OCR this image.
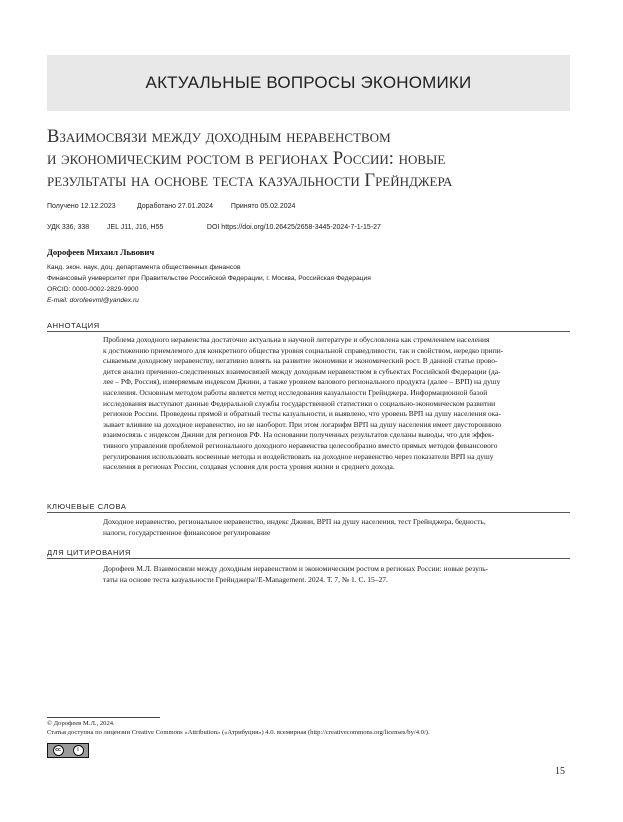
АКТУАЛЬНЫЕ ВОПРОСЫ ЭКОНОМИКИ
Взаимосвязи между доходным неравенством
и экономическим ростом в регионах России: новые
результаты на основе теста казуальности Грейнджера
Получено 12.12.2023	Доработано 27.01.2024	Принято 05.02.2024
УДК 336, 338	JEL J11, J16, H55	DOI https://doi.org/10.26425/2658-3445-2024-7-1-15-27
Дорофеев Михаил Львович
Канд. экон. наук, доц. департамента общественных финансов
Финансовый университет при Правительстве Российской Федерации, г. Москва, Российская Федерация
ORCID: 0000-0002-2829-9900
E-mail: dorofeevml@yandex.ru
АННОТАЦИЯ
Проблема доходного неравенства достаточно актуальна в научной литературе и обусловлена как стремлением населения
к достижению приемлемого для конкретного общества уровня социальной справедливости, так и свойством, нередко припи-
сываемым доходному неравенству, негативно влиять на развитие экономики и экономический рост. В данной статье прово-
дится анализ причинно-следственных взаимосвязей между доходным неравенством в субъектах Российской Федерации (да-
лее – РФ, Россия), измеряемым индексом Джини, а также уровнем валового регионального продукта (далее – ВРП) на душу
населения. Основным методом работы является метод исследования казуальности Грейнджера. Информационной базой
исследования выступают данные Федеральной службы государственной статистики о социально-экономическом развитии
регионов России. Проведены прямой и обратный тесты казуальности, и выявлено, что уровень ВРП на душу населения ока-
зывает влияние на доходное неравенство, но не наоборот. При этом логарифм ВРП на душу населения имеет двустороннюю
взаимосвязь с индексом Джини для регионов РФ. На основании полученных результатов сделаны выводы, что для эффек-
тивного управления проблемой регионального доходного неравенства целесообразно вместо прямых методов финансового
регулирования использовать косвенные методы и воздействовать на доходное неравенство через показатели ВРП на душу
населения в регионах России, создавая условия для роста уровня жизни и среднего дохода.
КЛЮЧЕВЫЕ СЛОВА
Доходное неравенство, региональное неравенство, индекс Джини, ВРП на душу населения, тест Грейнджера, бедность,
налоги, государственное финансовое регулирование
ДЛЯ ЦИТИРОВАНИЯ
Дорофеев М.Л. Взаимосвязи между доходным неравенством и экономическим ростом в регионах России: новые резуль-
таты на основе теста казуальности Грейнджера//E-Management. 2024. Т. 7, № 1. С. 15–27.
© Дорофеев М.Л., 2024.
Статья доступна по лицензии Creative Commons «Attribution» («Атрибуция») 4.0. всемирная (http://creativecommons.org/licenses/by/4.0/).
cc	i
15
